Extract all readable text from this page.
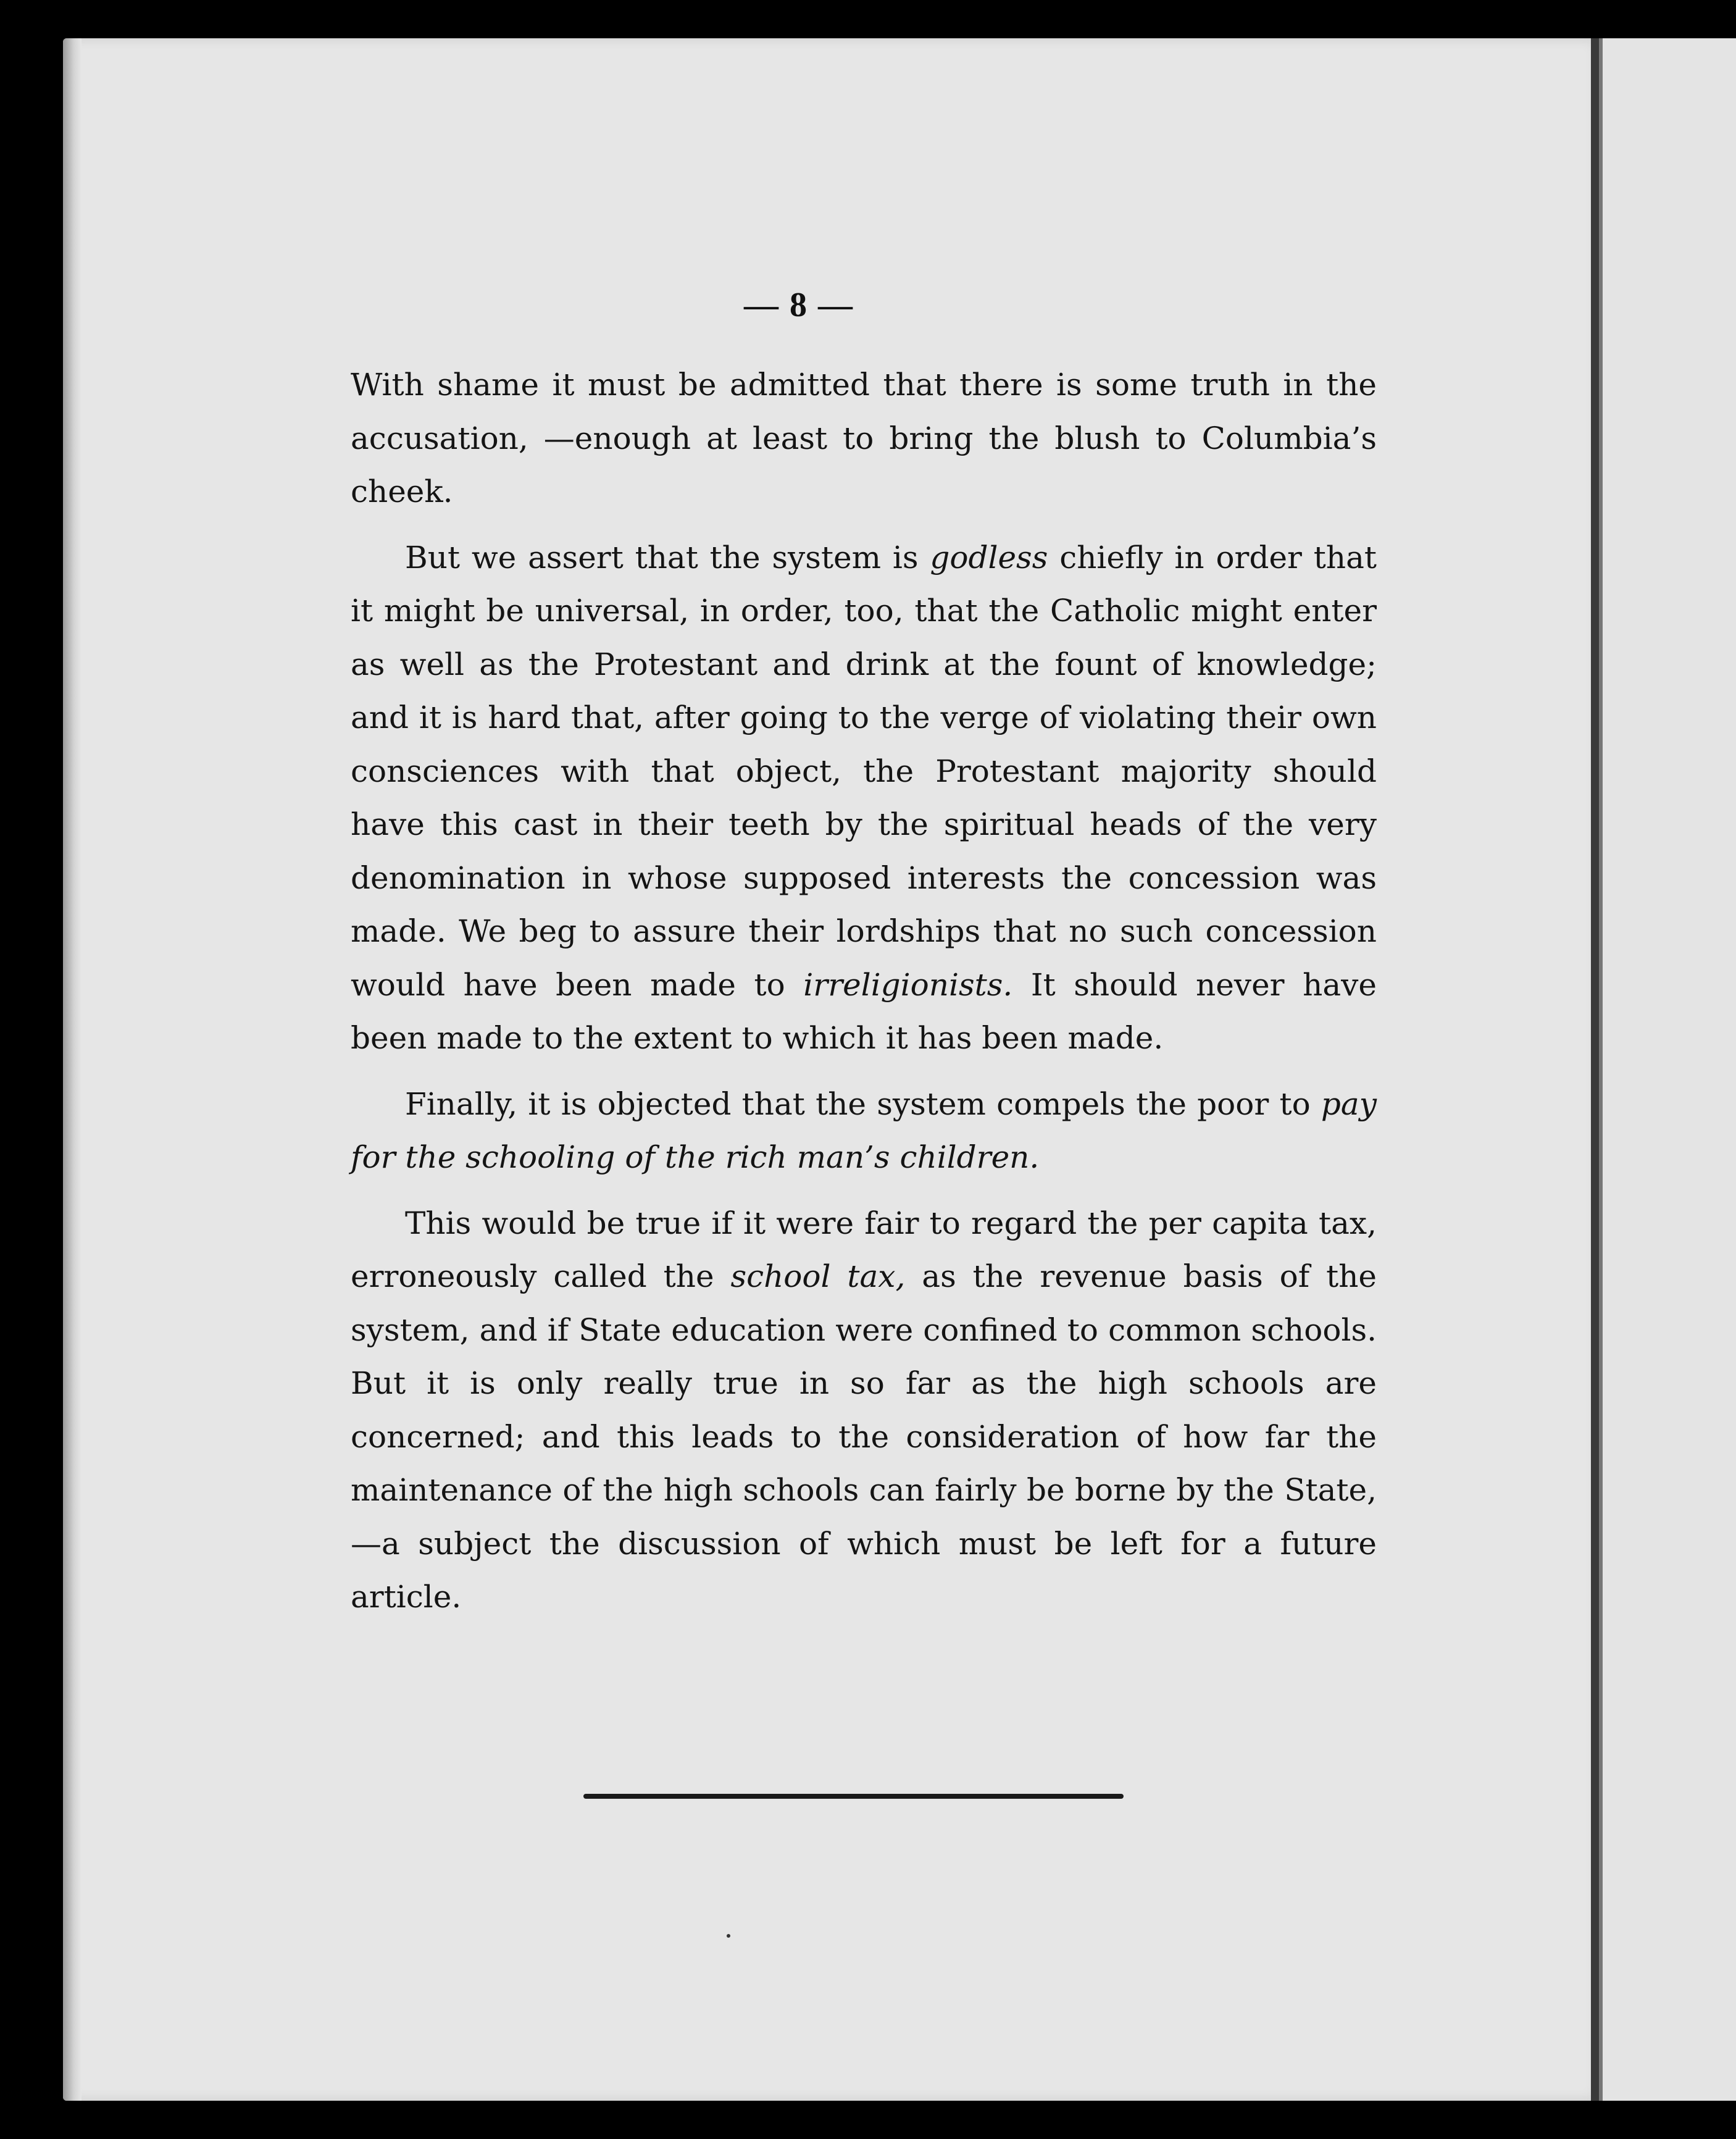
— 8 —

With shame it must be admitted that there is some truth in the accusation, —enough at least to bring the blush to Columbia’s cheek.

But we assert that the system is godless chiefly in order that it might be universal, in order, too, that the Catholic might enter as well as the Protestant and drink at the fount of knowledge; and it is hard that, after going to the verge of violating their own consciences with that object, the Protestant majority should have this cast in their teeth by the spiritual heads of the very denomination in whose supposed interests the concession was made. We beg to assure their lordships that no such concession would have been made to irreligionists. It should never have been made to the extent to which it has been made.

Finally, it is objected that the system compels the poor to pay for the schooling of the rich man’s children.

This would be true if it were fair to regard the per capita tax, erroneously called the school tax, as the revenue basis of the system, and if State education were confined to common schools. But it is only really true in so far as the high schools are concerned; and this leads to the consideration of how far the maintenance of the high schools can fairly be borne by the State, —a subject the discussion of which must be left for a future article.
